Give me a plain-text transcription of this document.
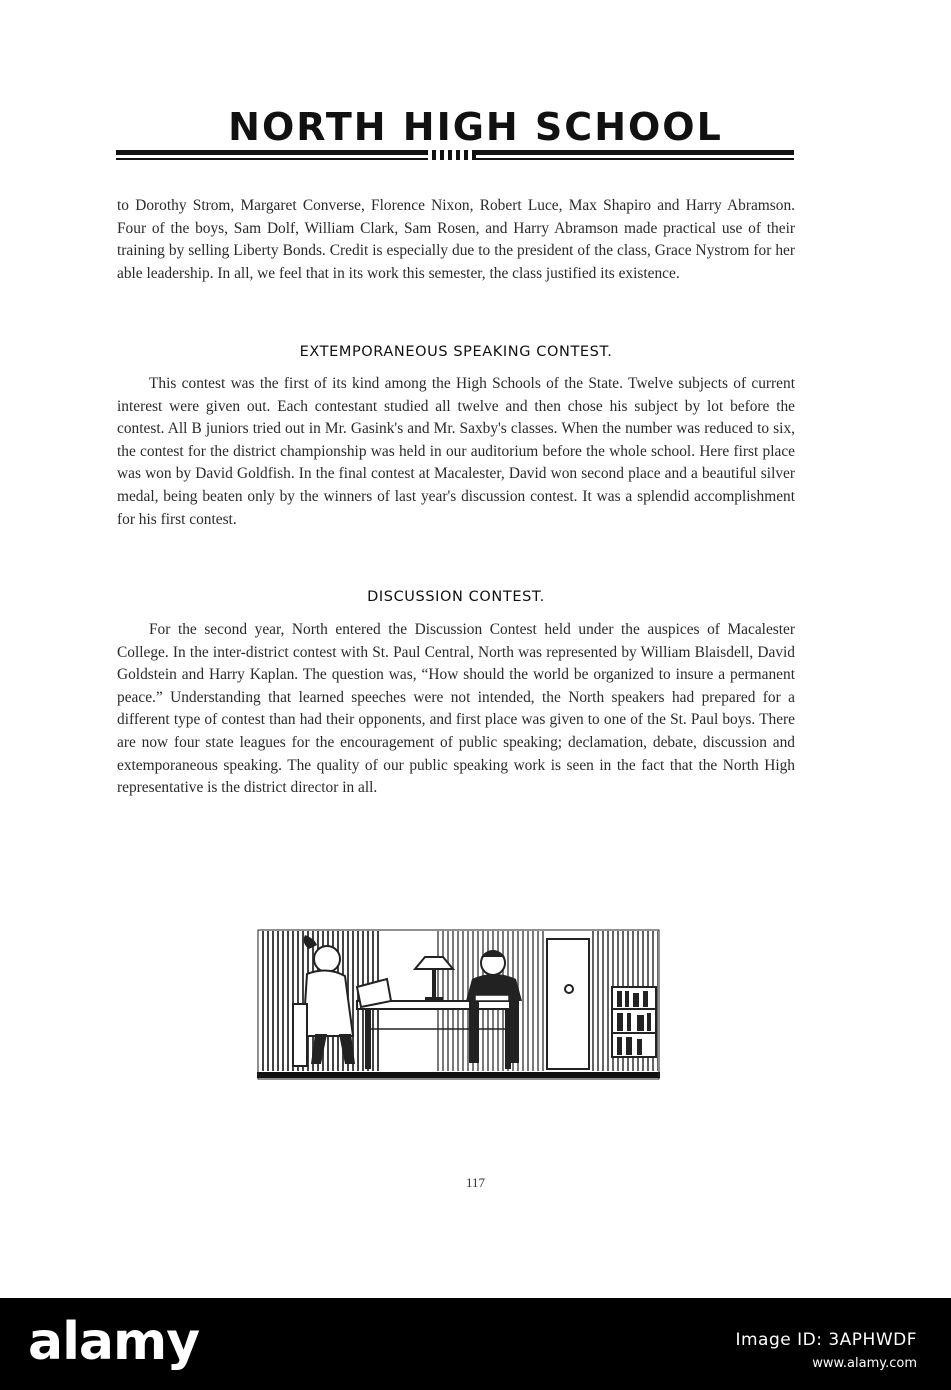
NORTH HIGH SCHOOL

to Dorothy Strom, Margaret Converse, Florence Nixon, Robert Luce, Max Shapiro and Harry Abramson. Four of the boys, Sam Dolf, William Clark, Sam Rosen, and Harry Abramson made practical use of their training by selling Liberty Bonds. Credit is especially due to the president of the class, Grace Nystrom for her able leadership. In all, we feel that in its work this semester, the class justified its existence.

EXTEMPORANEOUS SPEAKING CONTEST.

This contest was the first of its kind among the High Schools of the State. Twelve subjects of current interest were given out. Each contestant studied all twelve and then chose his subject by lot before the contest. All B juniors tried out in Mr. Gasink's and Mr. Saxby's classes. When the number was reduced to six, the contest for the district championship was held in our auditorium before the whole school. Here first place was won by David Goldfish. In the final contest at Macalester, David won second place and a beautiful silver medal, being beaten only by the winners of last year's discussion contest. It was a splendid accomplishment for his first contest.

DISCUSSION CONTEST.

For the second year, North entered the Discussion Contest held under the auspices of Macalester College. In the inter-district contest with St. Paul Central, North was represented by William Blaisdell, David Goldstein and Harry Kaplan. The question was, “How should the world be organized to insure a permanent peace.” Understanding that learned speeches were not intended, the North speakers had prepared for a different type of contest than had their opponents, and first place was given to one of the St. Paul boys. There are now four state leagues for the encouragement of public speaking; declamation, debate, discussion and extemporaneous speaking. The quality of our public speaking work is seen in the fact that the North High representative is the district director in all.

117
alamy	Image ID: 3APHWDF
www.alamy.com
